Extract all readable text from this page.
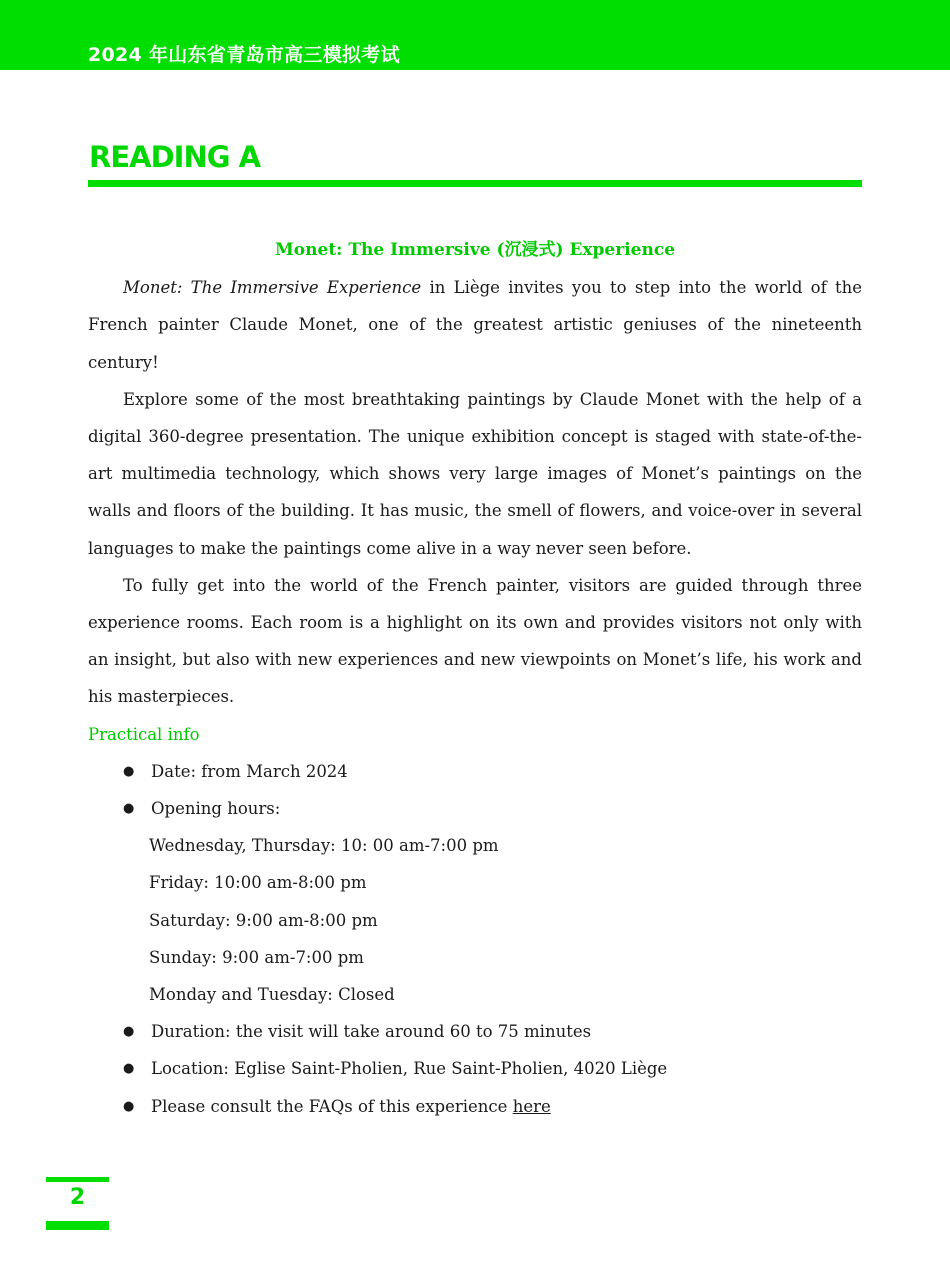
2024 年山东省青岛市高三模拟考试
READING A

Monet: The Immersive (沉浸式) Experience

Monet: The Immersive Experience in Liège invites you to step into the world of the French painter Claude Monet, one of the greatest artistic geniuses of the nineteenth century!

Explore some of the most breathtaking paintings by Claude Monet with the help of a digital 360-degree presentation. The unique exhibition concept is staged with state-of-the-art multimedia technology, which shows very large images of Monet’s paintings on the walls and floors of the building. It has music, the smell of flowers, and voice-over in several languages to make the paintings come alive in a way never seen before.

To fully get into the world of the French painter, visitors are guided through three experience rooms. Each room is a highlight on its own and provides visitors not only with an insight, but also with new experiences and new viewpoints on Monet’s life, his work and his masterpieces.

Practical info

● Date: from March 2024
● Opening hours:
Wednesday, Thursday: 10: 00 am-7:00 pm
Friday: 10:00 am-8:00 pm
Saturday: 9:00 am-8:00 pm
Sunday: 9:00 am-7:00 pm
Monday and Tuesday: Closed
● Duration: the visit will take around 60 to 75 minutes
● Location: Eglise Saint-Pholien, Rue Saint-Pholien, 4020 Liège
● Please consult the FAQs of this experience here
2
